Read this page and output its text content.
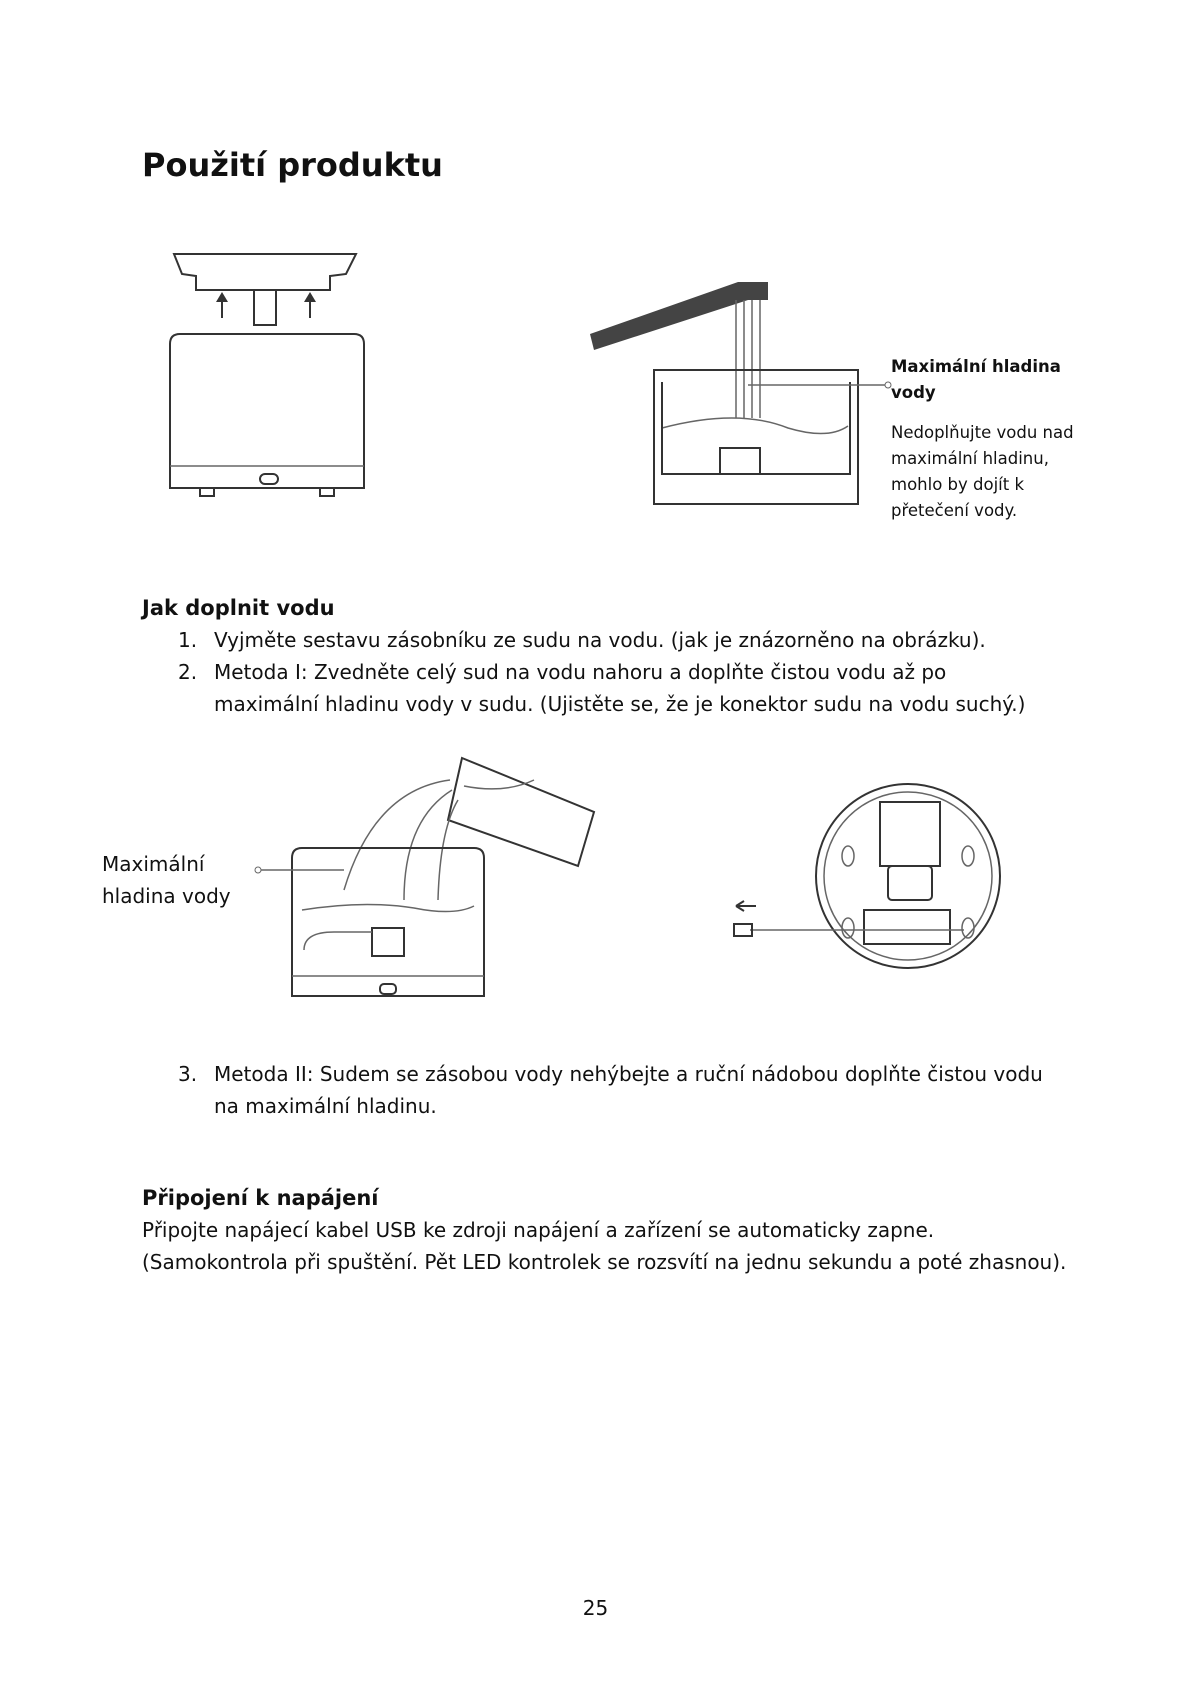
Použití produktu
Maximální hladina vody
Nedoplňujte vodu nad maximální hladinu, mohlo by dojít k přetečení vody.
Jak doplnit vodu
1. Vyjměte sestavu zásobníku ze sudu na vodu. (jak je znázorněno na obrázku).
2. Metoda I: Zvedněte celý sud na vodu nahoru a doplňte čistou vodu až po maximální hladinu vody v sudu. (Ujistěte se, že je konektor sudu na vodu suchý.)
Maximální hladina vody
3. Metoda II: Sudem se zásobou vody nehýbejte a ruční nádobou doplňte čistou vodu na maximální hladinu.
Připojení k napájení
Připojte napájecí kabel USB ke zdroji napájení a zařízení se automaticky zapne. (Samokontrola při spuštění. Pět LED kontrolek se rozsvítí na jednu sekundu a poté zhasnou).
25
